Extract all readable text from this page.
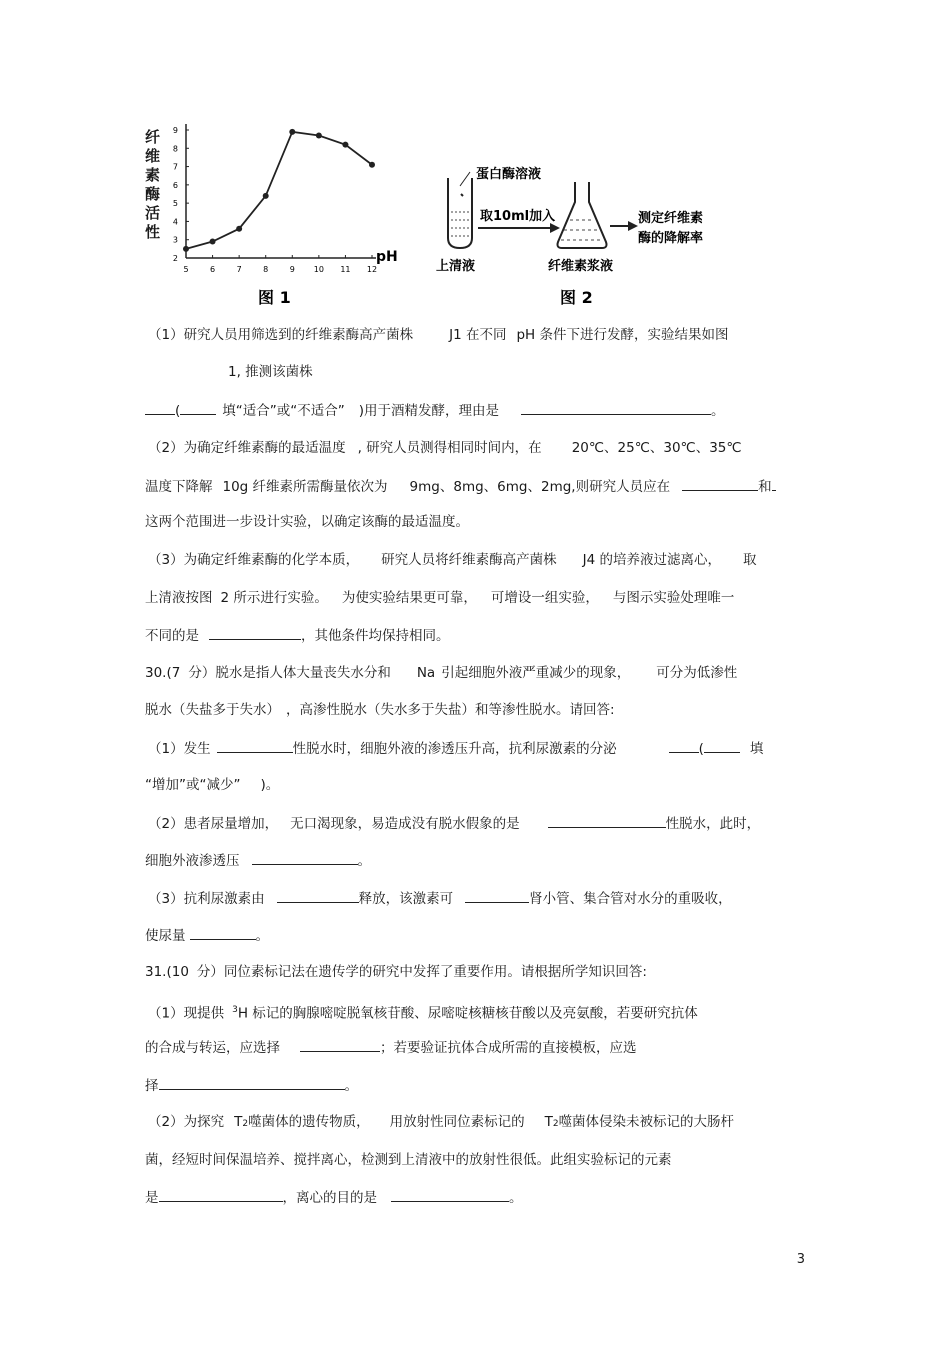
5	6	7	8	9 10 11 12
2
3
4
5
6
7
8
9
pH
图 1
纤维素酶活性
蛋白酶溶液
上清液
取10ml加入
纤维素浆液
测定纤维素
酶的降解率
图 2
（1）研究人员用筛选到的纤维素酶高产菌株	J1 在不同 pH 条件下进行发酵，实验结果如图
1, 推测该菌株
(	填“适合”或“不适合” )用于酒精发酵，理由是	。
（2）为确定纤维素酶的最适温度 , 研究人员测得相同时间内，在 20℃、25℃、30℃、35℃
温度下降解 10g 纤维素所需酶量依次为 9mg、8mg、6mg、2mg,则研究人员应在	和
这两个范围进一步设计实验，以确定该酶的最适温度。
（3）为确定纤维素酶的化学本质， 研究人员将纤维素酶高产菌株 J4 的培养液过滤离心， 取
上清液按图 2 所示进行实验。 为使实验结果更可靠， 可增设一组实验， 与图示实验处理唯一
不同的是	，其他条件均保持相同。
30.(7 分）脱水是指人体大量丧失水分和 Na 引起细胞外液严重减少的现象， 可分为低渗性
脱水（失盐多于失水） ，高渗性脱水（失水多于失盐）和等渗性脱水。请回答:
（1）发生	性脱水时，细胞外液的渗透压升高，抗利尿激素的分泌	(	填
“增加”或“减少” )。
（2）患者尿量增加， 无口渴现象，易造成没有脱水假象的是	性脱水，此时，
细胞外液渗透压	。
（3）抗利尿激素由	释放，该激素可	肾小管、集合管对水分的重吸收，
使尿量	。
31.(10 分）同位素标记法在遗传学的研究中发挥了重要作用。请根据所学知识回答:
（1）现提供 $^3$H 标记的胸腺嘧啶脱氧核苷酸、尿嘧啶核糖核苷酸以及亮氨酸，若要研究抗体
的合成与转运，应选择	；若要验证抗体合成所需的直接模板，应选
择	。
（2）为探究 T2噬菌体的遗传物质， 用放射性同位素标记的 T2噬菌体侵染未被标记的大肠杆
菌，经短时间保温培养、搅拌离心，检测到上清液中的放射性很低。此组实验标记的元素
是	，离心的目的是	。
3
